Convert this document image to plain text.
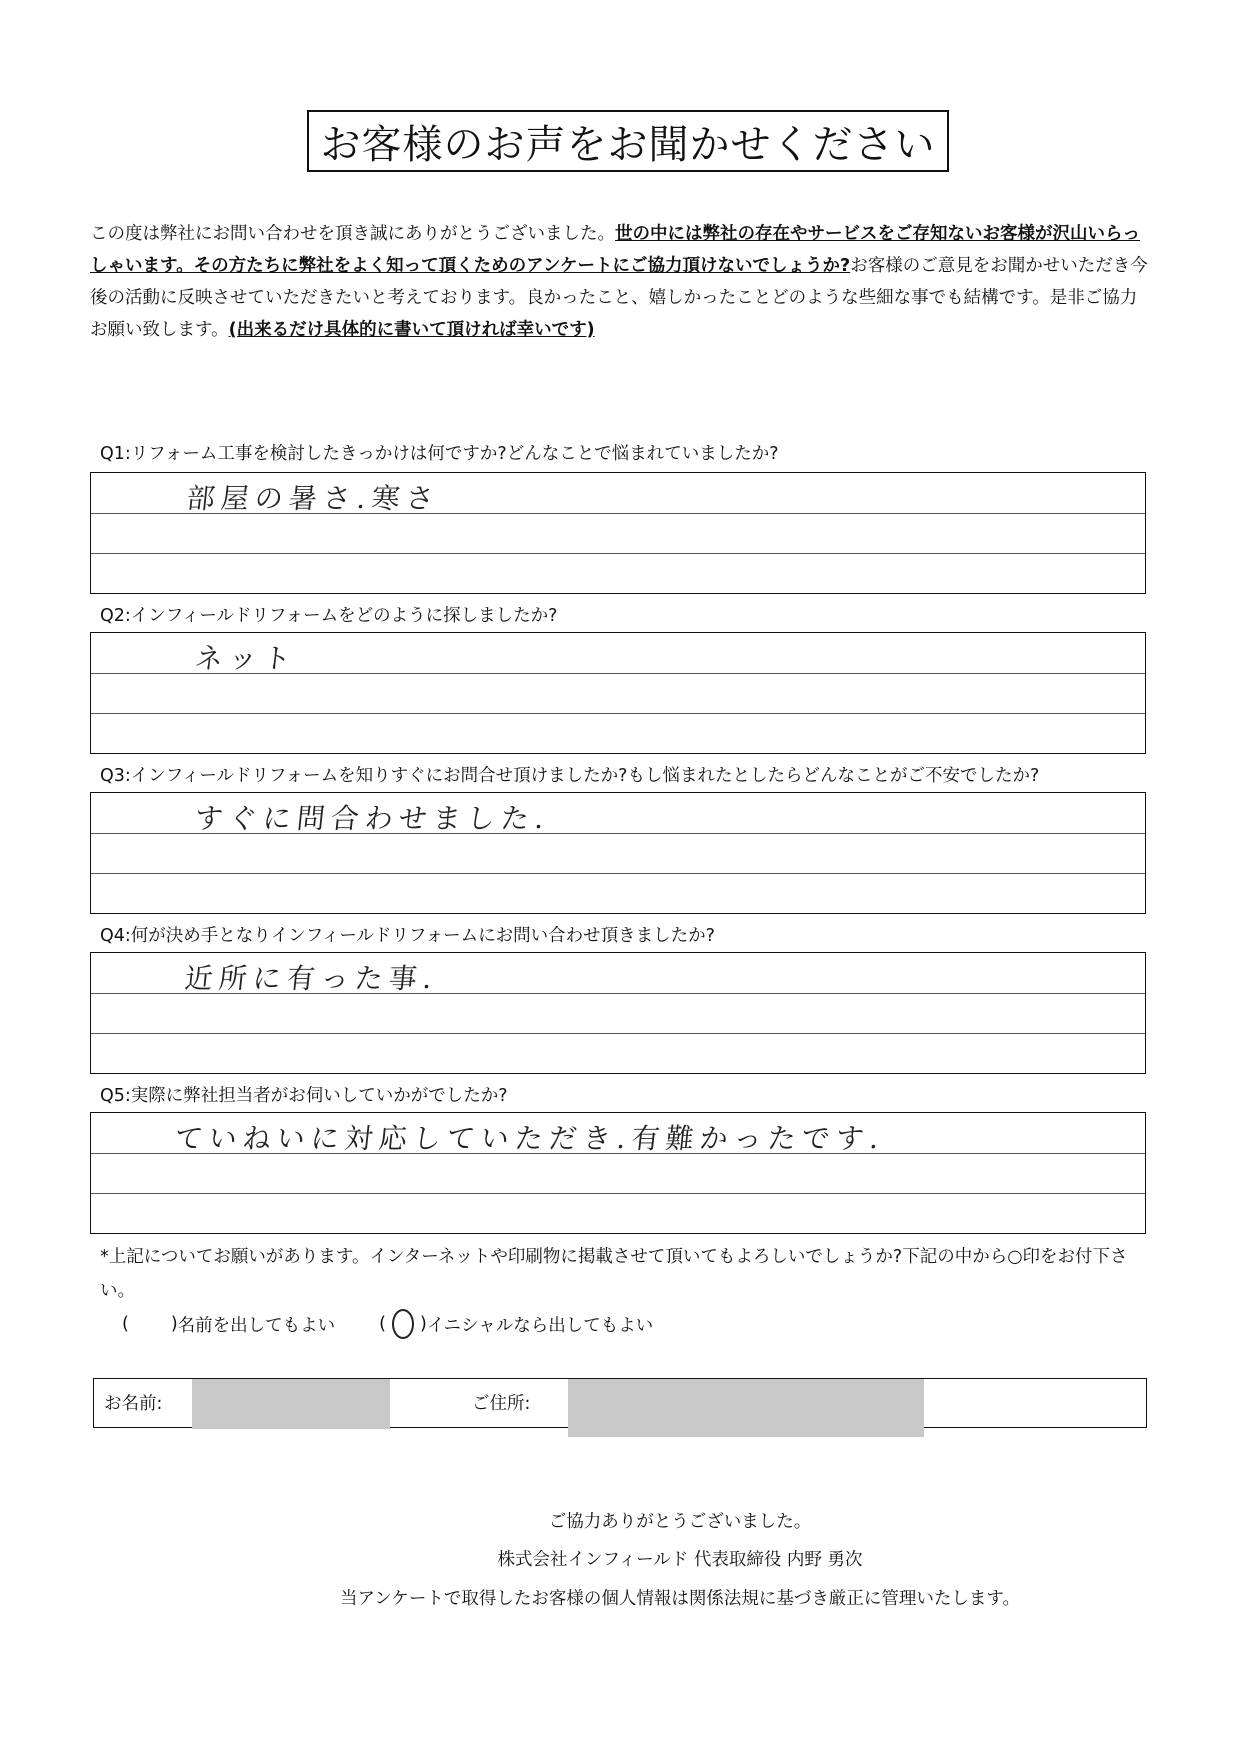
お客様のお声をお聞かせください
この度は弊社にお問い合わせを頂き誠にありがとうございました。世の中には弊社の存在やサービスをご存知ないお客様が沢山いらっしゃいます。その方たちに弊社をよく知って頂くためのアンケートにご協力頂けないでしょうか?お客様のご意見をお聞かせいただき今後の活動に反映させていただきたいと考えております。良かったこと、嬉しかったことどのような些細な事でも結構です。是非ご協力お願い致します。(出来るだけ具体的に書いて頂ければ幸いです)
Q1:リフォーム工事を検討したきっかけは何ですか?どんなことで悩まれていましたか?
部屋の暑さ.寒さ
Q2:インフィールドリフォームをどのように探しましたか?
ネット
Q3:インフィールドリフォームを知りすぐにお問合せ頂けましたか?もし悩まれたとしたらどんなことがご不安でしたか?
すぐに問合わせました.
Q4:何が決め手となりインフィールドリフォームにお問い合わせ頂きましたか?
近所に有った事.
Q5:実際に弊社担当者がお伺いしていかがでしたか?
ていねいに対応していただき.有難かったです.
*上記についてお願いがあります。インターネットや印刷物に掲載させて頂いてもよろしいでしょうか?下記の中から○印をお付下さい。
( ) 名前を出してもよい	( ) イニシャルなら出してもよい
お名前:	ご住所:
ご協力ありがとうございました。
株式会社インフィールド 代表取締役 内野 勇次
当アンケートで取得したお客様の個人情報は関係法規に基づき厳正に管理いたします。
